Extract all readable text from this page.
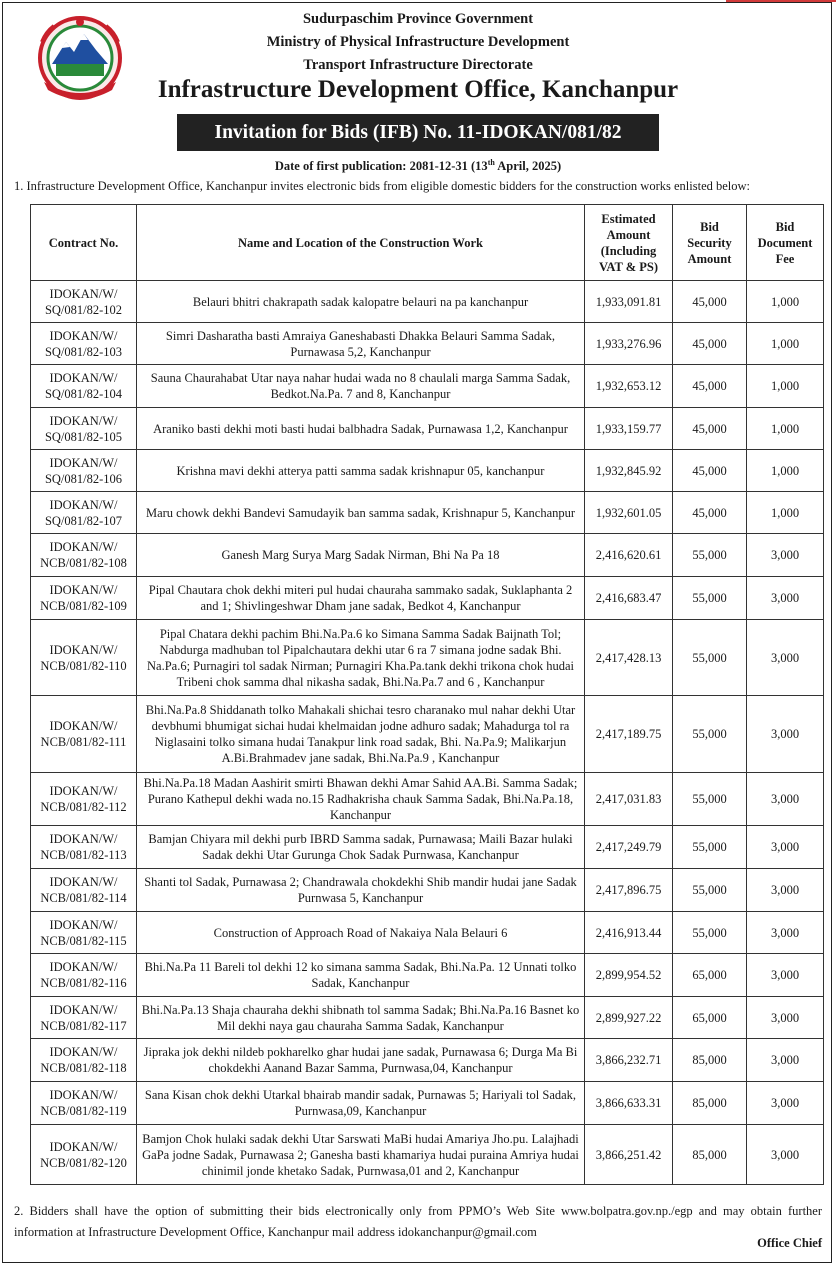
Sudurpaschim Province Government
Ministry of Physical Infrastructure Development
Transport Infrastructure Directorate
Infrastructure Development Office, Kanchanpur
Invitation for Bids (IFB) No. 11-IDOKAN/081/82
Date of first publication: 2081-12-31 (13th April, 2025)
1. Infrastructure Development Office, Kanchanpur invites electronic bids from eligible domestic bidders for the construction works enlisted below:
Contract No.	Name and Location of the Construction Work	Estimated Amount (Including VAT & PS)	Bid Security Amount	Bid Document Fee
IDOKAN/W/ SQ/081/82-102	Belauri bhitri chakrapath sadak kalopatre belauri na pa kanchanpur	1,933,091.81	45,000	1,000
IDOKAN/W/ SQ/081/82-103	Simri Dasharatha basti Amraiya Ganeshabasti Dhakka Belauri Samma Sadak, Purnawasa 5,2, Kanchanpur	1,933,276.96	45,000	1,000
IDOKAN/W/ SQ/081/82-104	Sauna Chaurahabat Utar naya nahar hudai wada no 8 chaulali marga Samma Sadak, Bedkot.Na.Pa. 7 and 8, Kanchanpur	1,932,653.12	45,000	1,000
IDOKAN/W/ SQ/081/82-105	Araniko basti dekhi moti basti hudai balbhadra Sadak, Purnawasa 1,2, Kanchanpur	1,933,159.77	45,000	1,000
IDOKAN/W/ SQ/081/82-106	Krishna mavi dekhi atterya patti samma sadak krishnapur 05, kanchanpur	1,932,845.92	45,000	1,000
IDOKAN/W/ SQ/081/82-107	Maru chowk dekhi Bandevi Samudayik ban samma sadak, Krishnapur 5, Kanchanpur	1,932,601.05	45,000	1,000
IDOKAN/W/ NCB/081/82-108	Ganesh Marg Surya Marg Sadak Nirman, Bhi Na Pa 18	2,416,620.61	55,000	3,000
IDOKAN/W/ NCB/081/82-109	Pipal Chautara chok dekhi miteri pul hudai chauraha sammako sadak, Suklaphanta 2 and 1; Shivlingeshwar Dham jane sadak, Bedkot 4, Kanchanpur	2,416,683.47	55,000	3,000
IDOKAN/W/ NCB/081/82-110	Pipal Chatara dekhi pachim Bhi.Na.Pa.6 ko Simana Samma Sadak Baijnath Tol; Nabdurga madhuban tol Pipalchautara dekhi utar 6 ra 7 simana jodne sadak Bhi. Na.Pa.6; Purnagiri tol sadak Nirman; Purnagiri Kha.Pa.tank dekhi trikona chok hudai Tribeni chok samma dhal nikasha sadak, Bhi.Na.Pa.7 and 6 , Kanchanpur	2,417,428.13	55,000	3,000
IDOKAN/W/ NCB/081/82-111	Bhi.Na.Pa.8 Shiddanath tolko Mahakali shichai tesro charanako mul nahar dekhi Utar devbhumi bhumigat sichai hudai khelmaidan jodne adhuro sadak; Mahadurga tol ra Niglasaini tolko simana hudai Tanakpur link road sadak, Bhi. Na.Pa.9; Malikarjun A.Bi.Brahmadev jane sadak, Bhi.Na.Pa.9 , Kanchanpur	2,417,189.75	55,000	3,000
IDOKAN/W/ NCB/081/82-112	Bhi.Na.Pa.18 Madan Aashirit smirti Bhawan dekhi Amar Sahid AA.Bi. Samma Sadak; Purano Kathepul dekhi wada no.15 Radhakrisha chauk Samma Sadak, Bhi.Na.Pa.18, Kanchanpur	2,417,031.83	55,000	3,000
IDOKAN/W/ NCB/081/82-113	Bamjan Chiyara mil dekhi purb IBRD Samma sadak, Purnawasa; Maili Bazar hulaki Sadak dekhi Utar Gurunga Chok Sadak Purnwasa, Kanchanpur	2,417,249.79	55,000	3,000
IDOKAN/W/ NCB/081/82-114	Shanti tol Sadak, Purnawasa 2; Chandrawala chokdekhi Shib mandir hudai jane Sadak Purnwasa 5, Kanchanpur	2,417,896.75	55,000	3,000
IDOKAN/W/ NCB/081/82-115	Construction of Approach Road of Nakaiya Nala Belauri 6	2,416,913.44	55,000	3,000
IDOKAN/W/ NCB/081/82-116	Bhi.Na.Pa 11 Bareli tol dekhi 12 ko simana samma Sadak, Bhi.Na.Pa. 12 Unnati tolko Sadak, Kanchanpur	2,899,954.52	65,000	3,000
IDOKAN/W/ NCB/081/82-117	Bhi.Na.Pa.13 Shaja chauraha dekhi shibnath tol samma Sadak; Bhi.Na.Pa.16 Basnet ko Mil dekhi naya gau chauraha Samma Sadak, Kanchanpur	2,899,927.22	65,000	3,000
IDOKAN/W/ NCB/081/82-118	Jipraka jok dekhi nildeb pokharelko ghar hudai jane sadak, Purnawasa 6; Durga Ma Bi chokdekhi Aanand Bazar Samma, Purnwasa,04, Kanchanpur	3,866,232.71	85,000	3,000
IDOKAN/W/ NCB/081/82-119	Sana Kisan chok dekhi Utarkal bhairab mandir sadak, Purnawas 5; Hariyali tol Sadak, Purnwasa,09, Kanchanpur	3,866,633.31	85,000	3,000
IDOKAN/W/ NCB/081/82-120	Bamjon Chok hulaki sadak dekhi Utar Sarswati MaBi hudai Amariya Jho.pu. Lalajhadi GaPa jodne Sadak, Purnawasa 2; Ganesha basti khamariya hudai puraina Amriya hudai chinimil jonde khetako Sadak, Purnwasa,01 and 2, Kanchanpur	3,866,251.42	85,000	3,000
2. Bidders shall have the option of submitting their bids electronically only from PPMO’s Web Site www.bolpatra.gov.np./egp and may obtain further information at Infrastructure Development Office, Kanchanpur mail address idokanchanpur@gmail.com
Office Chief
